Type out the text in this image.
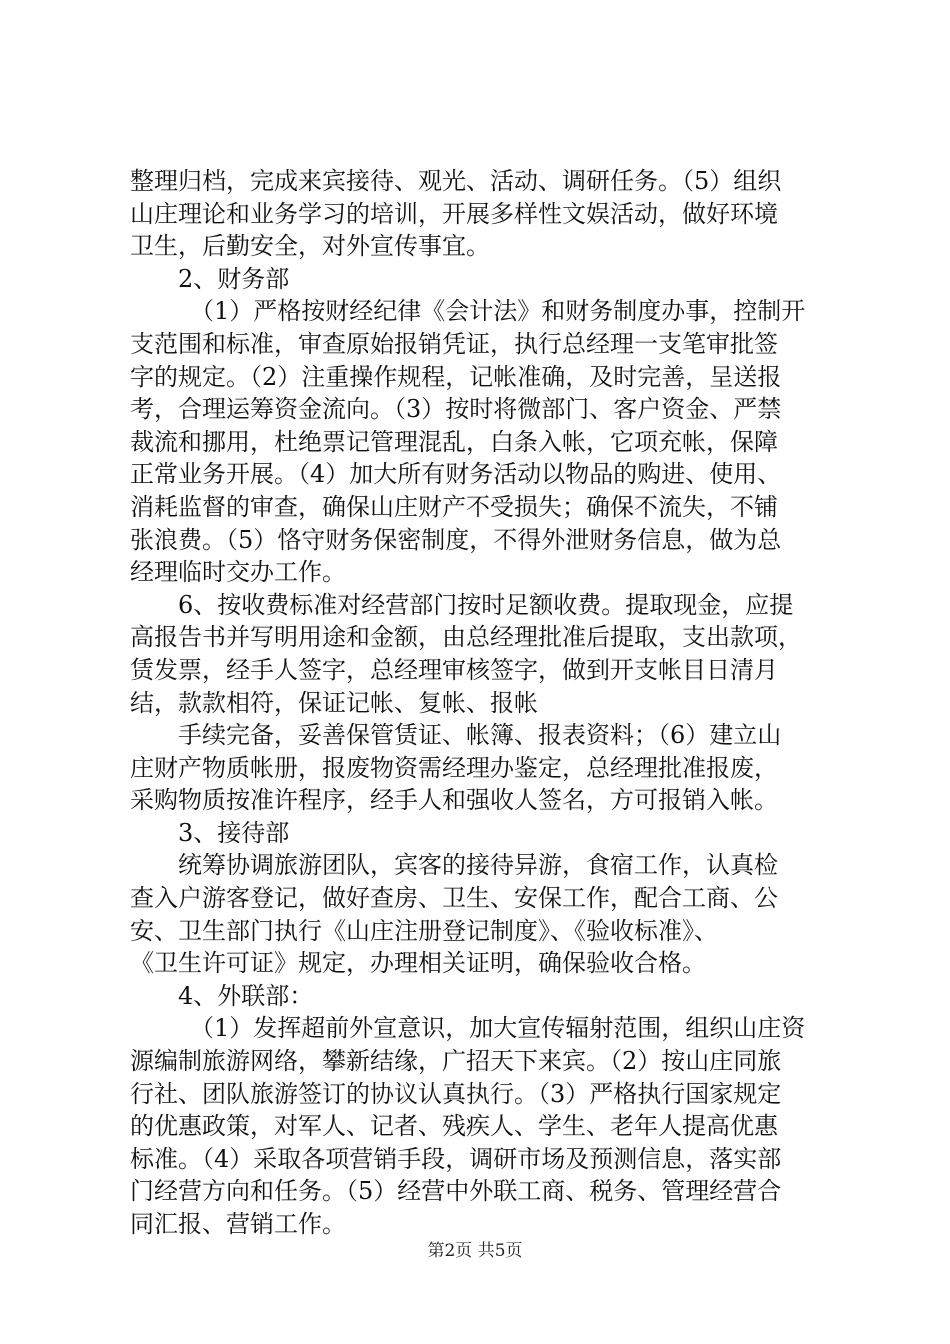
整理归档，完成来宾接待、观光、活动、调研任务。（5）组织
山庄理论和业务学习的培训，开展多样性文娱活动，做好环境
卫生，后勤安全，对外宣传事宜。
2、财务部
（1）严格按财经纪律《会计法》和财务制度办事，控制开
支范围和标准，审查原始报销凭证，执行总经理一支笔审批签
字的规定。（2）注重操作规程，记帐准确，及时完善，呈送报
考，合理运筹资金流向。（3）按时将微部门、客户资金、严禁
裁流和挪用，杜绝票记管理混乱，白条入帐，它项充帐，保障
正常业务开展。（4）加大所有财务活动以物品的购进、使用、
消耗监督的审查，确保山庄财产不受损失；确保不流失，不铺
张浪费。（5）恪守财务保密制度，不得外泄财务信息，做为总
经理临时交办工作。
6、按收费标准对经营部门按时足额收费。提取现金，应提
高报告书并写明用途和金额，由总经理批准后提取，支出款项，
赁发票，经手人签字，总经理审核签字，做到开支帐目日清月
结，款款相符，保证记帐、复帐、报帐
手续完备，妥善保管赁证、帐簿、报表资料；（6）建立山
庄财产物质帐册，报废物资需经理办鉴定，总经理批准报废，
采购物质按准许程序，经手人和强收人签名，方可报销入帐。
3、接待部
统筹协调旅游团队，宾客的接待异游，食宿工作，认真检
查入户游客登记，做好查房、卫生、安保工作，配合工商、公
安、卫生部门执行《山庄注册登记制度》、《验收标准》、
《卫生许可证》规定，办理相关证明，确保验收合格。
4、外联部：
（1）发挥超前外宣意识，加大宣传辐射范围，组织山庄资
源编制旅游网络，攀新结缘，广招天下来宾。（2）按山庄同旅
行社、团队旅游签订的协议认真执行。（3）严格执行国家规定
的优惠政策，对军人、记者、残疾人、学生、老年人提高优惠
标准。（4）采取各项营销手段，调研市场及预测信息，落实部
门经营方向和任务。（5）经营中外联工商、税务、管理经营合
同汇报、营销工作。
第2页 共5页
